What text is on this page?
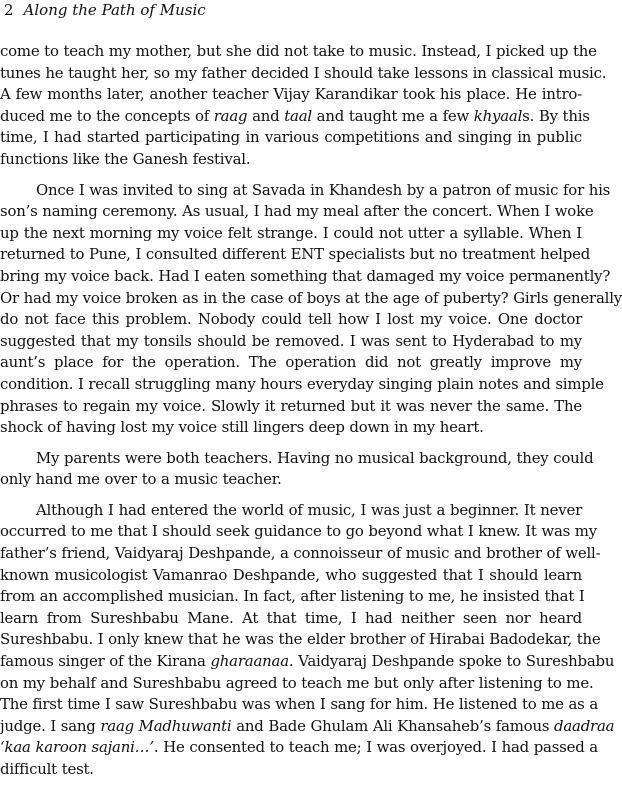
2 Along the Path of Music

come to teach my mother, but she did not take to music. Instead, I picked up the
tunes he taught her, so my father decided I should take lessons in classical music.
A few months later, another teacher Vijay Karandikar took his place. He intro-
duced me to the concepts of raag and taal and taught me a few khyaals. By this
time, I had started participating in various competitions and singing in public
functions like the Ganesh festival.

Once I was invited to sing at Savada in Khandesh by a patron of music for his
son’s naming ceremony. As usual, I had my meal after the concert. When I woke
up the next morning my voice felt strange. I could not utter a syllable. When I
returned to Pune, I consulted different ENT specialists but no treatment helped
bring my voice back. Had I eaten something that damaged my voice permanently?
Or had my voice broken as in the case of boys at the age of puberty? Girls generally
do not face this problem. Nobody could tell how I lost my voice. One doctor
suggested that my tonsils should be removed. I was sent to Hyderabad to my
aunt’s place for the operation. The operation did not greatly improve my
condition. I recall struggling many hours everyday singing plain notes and simple
phrases to regain my voice. Slowly it returned but it was never the same. The
shock of having lost my voice still lingers deep down in my heart.

My parents were both teachers. Having no musical background, they could
only hand me over to a music teacher.

Although I had entered the world of music, I was just a beginner. It never
occurred to me that I should seek guidance to go beyond what I knew. It was my
father’s friend, Vaidyaraj Deshpande, a connoisseur of music and brother of well-
known musicologist Vamanrao Deshpande, who suggested that I should learn
from an accomplished musician. In fact, after listening to me, he insisted that I
learn from Sureshbabu Mane. At that time, I had neither seen nor heard
Sureshbabu. I only knew that he was the elder brother of Hirabai Badodekar, the
famous singer of the Kirana gharaanaa. Vaidyaraj Deshpande spoke to Sureshbabu
on my behalf and Sureshbabu agreed to teach me but only after listening to me.
The first time I saw Sureshbabu was when I sang for him. He listened to me as a
judge. I sang raag Madhuwanti and Bade Ghulam Ali Khansaheb’s famous daadraa
‘kaa karoon sajani…’. He consented to teach me; I was overjoyed. I had passed a
difficult test.
